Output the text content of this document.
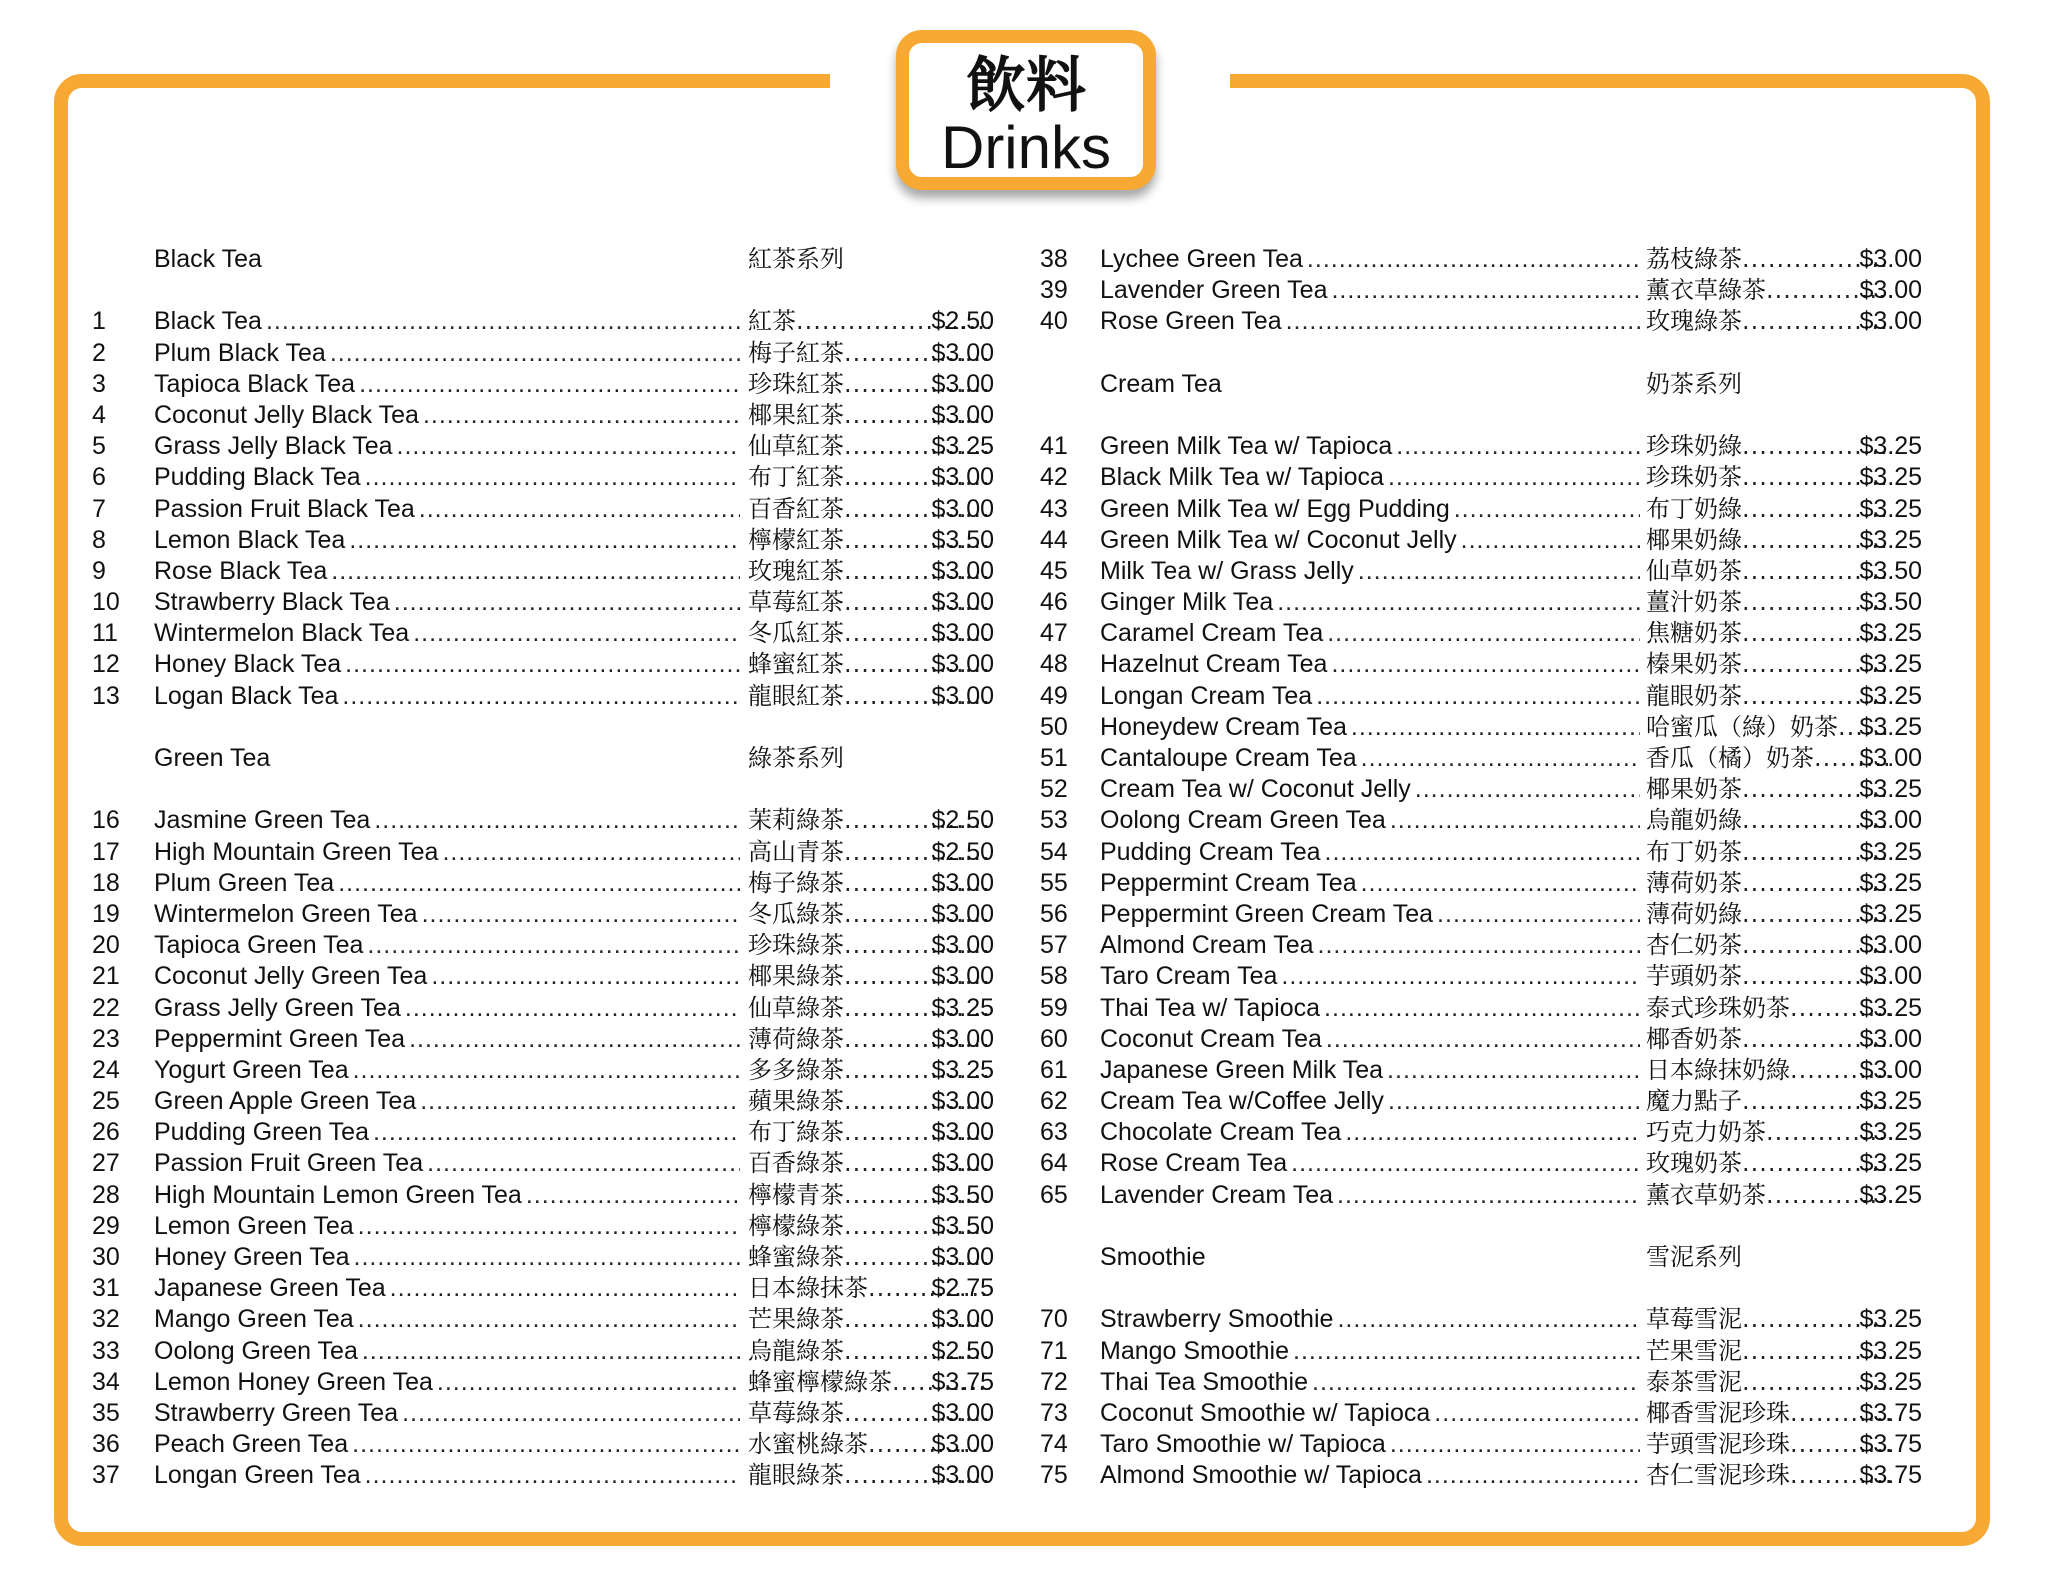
飲料
Drinks
Black Tea	紅茶系列
1 Black Tea .....	紅茶 .....	$2.50
2 Plum Black Tea .....	梅子紅茶 .....	$3.00
3 Tapioca Black Tea .....	珍珠紅茶 .....	$3.00
4 Coconut Jelly Black Tea .....	椰果紅茶 .....	$3.00
5 Grass Jelly Black Tea .....	仙草紅茶 .....	$3.25
6 Pudding Black Tea .....	布丁紅茶 .....	$3.00
7 Passion Fruit Black Tea .....	百香紅茶 .....	$3.00
8 Lemon Black Tea .....	檸檬紅茶 .....	$3.50
9 Rose Black Tea .....	玫瑰紅茶 .....	$3.00
10 Strawberry Black Tea .....	草莓紅茶 .....	$3.00
11 Wintermelon Black Tea .....	冬瓜紅茶 .....	$3.00
12 Honey Black Tea .....	蜂蜜紅茶 .....	$3.00
13 Logan Black Tea .....	龍眼紅茶 .....	$3.00
Green Tea	綠茶系列
16 Jasmine Green Tea .....	茉莉綠茶 .....	$2.50
17 High Mountain Green Tea .....	高山青茶 .....	$2.50
18 Plum Green Tea .....	梅子綠茶 .....	$3.00
19 Wintermelon Green Tea .....	冬瓜綠茶 .....	$3.00
20 Tapioca Green Tea .....	珍珠綠茶 .....	$3.00
21 Coconut Jelly Green Tea .....	椰果綠茶 .....	$3.00
22 Grass Jelly Green Tea .....	仙草綠茶 .....	$3.25
23 Peppermint Green Tea .....	薄荷綠茶 .....	$3.00
24 Yogurt Green Tea .....	多多綠茶 .....	$3.25
25 Green Apple Green Tea .....	蘋果綠茶 .....	$3.00
26 Pudding Green Tea .....	布丁綠茶 .....	$3.00
27 Passion Fruit Green Tea .....	百香綠茶 .....	$3.00
28 High Mountain Lemon Green Tea .....	檸檬青茶 .....	$3.50
29 Lemon Green Tea .....	檸檬綠茶 .....	$3.50
30 Honey Green Tea .....	蜂蜜綠茶 .....	$3.00
31 Japanese Green Tea .....	日本綠抹茶 .....	$2.75
32 Mango Green Tea .....	芒果綠茶 .....	$3.00
33 Oolong Green Tea .....	烏龍綠茶 .....	$2.50
34 Lemon Honey Green Tea .....	蜂蜜檸檬綠茶 ..... $3.75
35 Strawberry Green Tea .....	草莓綠茶 .....	$3.00
36 Peach Green Tea .....	水蜜桃綠茶 .....	$3.00
37 Longan Green Tea .....	龍眼綠茶 .....	$3.00
38 Lychee Green Tea .....	荔枝綠茶 .....	$3.00
39 Lavender Green Tea .....	薰衣草綠茶 .....	$3.00
40 Rose Green Tea .....	玫瑰綠茶 .....	$3.00
Cream Tea	奶茶系列
41 Green Milk Tea w/ Tapioca .....	珍珠奶綠 .....	$3.25
42 Black Milk Tea w/ Tapioca .....	珍珠奶茶 .....	$3.25
43 Green Milk Tea w/ Egg Pudding .....	布丁奶綠 .....	$3.25
44 Green Milk Tea w/ Coconut Jelly .....	椰果奶綠 .....	$3.25
45 Milk Tea w/ Grass Jelly .....	仙草奶茶 .....	$3.50
46 Ginger Milk Tea .....	薑汁奶茶 .....	$3.50
47 Caramel Cream Tea .....	焦糖奶茶 .....	$3.25
48 Hazelnut Cream Tea .....	榛果奶茶 .....	$3.25
49 Longan Cream Tea .....	龍眼奶茶 .....	$3.25
50 Honeydew Cream Tea .....	哈蜜瓜（綠）奶茶 ..... $3.25
51 Cantaloupe Cream Tea .....	香瓜（橘）奶茶 ..... $3.00
52 Cream Tea w/ Coconut Jelly .....	椰果奶茶 .....	$3.25
53 Oolong Cream Green Tea .....	烏龍奶綠 .....	$3.00
54 Pudding Cream Tea .....	布丁奶茶 .....	$3.25
55 Peppermint Cream Tea .....	薄荷奶茶 .....	$3.25
56 Peppermint Green Cream Tea .....	薄荷奶綠 .....	$3.25
57 Almond Cream Tea .....	杏仁奶茶 .....	$3.00
58 Taro Cream Tea .....	芋頭奶茶 .....	$3.00
59 Thai Tea w/ Tapioca .....	泰式珍珠奶茶 .....	$3.25
60 Coconut Cream Tea .....	椰香奶茶 .....	$3.00
61 Japanese Green Milk Tea .....	日本綠抹奶綠 .....	$3.00
62 Cream Tea w/Coffee Jelly .....	魔力點子 .....	$3.25
63 Chocolate Cream Tea .....	巧克力奶茶 .....	$3.25
64 Rose Cream Tea .....	玫瑰奶茶 .....	$3.25
65 Lavender Cream Tea .....	薰衣草奶茶 .....	$3.25
Smoothie	雪泥系列
70 Strawberry Smoothie .....	草莓雪泥 .....	$3.25
71 Mango Smoothie .....	芒果雪泥 .....	$3.25
72 Thai Tea Smoothie .....	泰茶雪泥 .....	$3.25
73 Coconut Smoothie w/ Tapioca .....	椰香雪泥珍珠 .....	$3.75
74 Taro Smoothie w/ Tapioca .....	芋頭雪泥珍珠 .....	$3.75
75 Almond Smoothie w/ Tapioca .....	杏仁雪泥珍珠 .....	$3.75
